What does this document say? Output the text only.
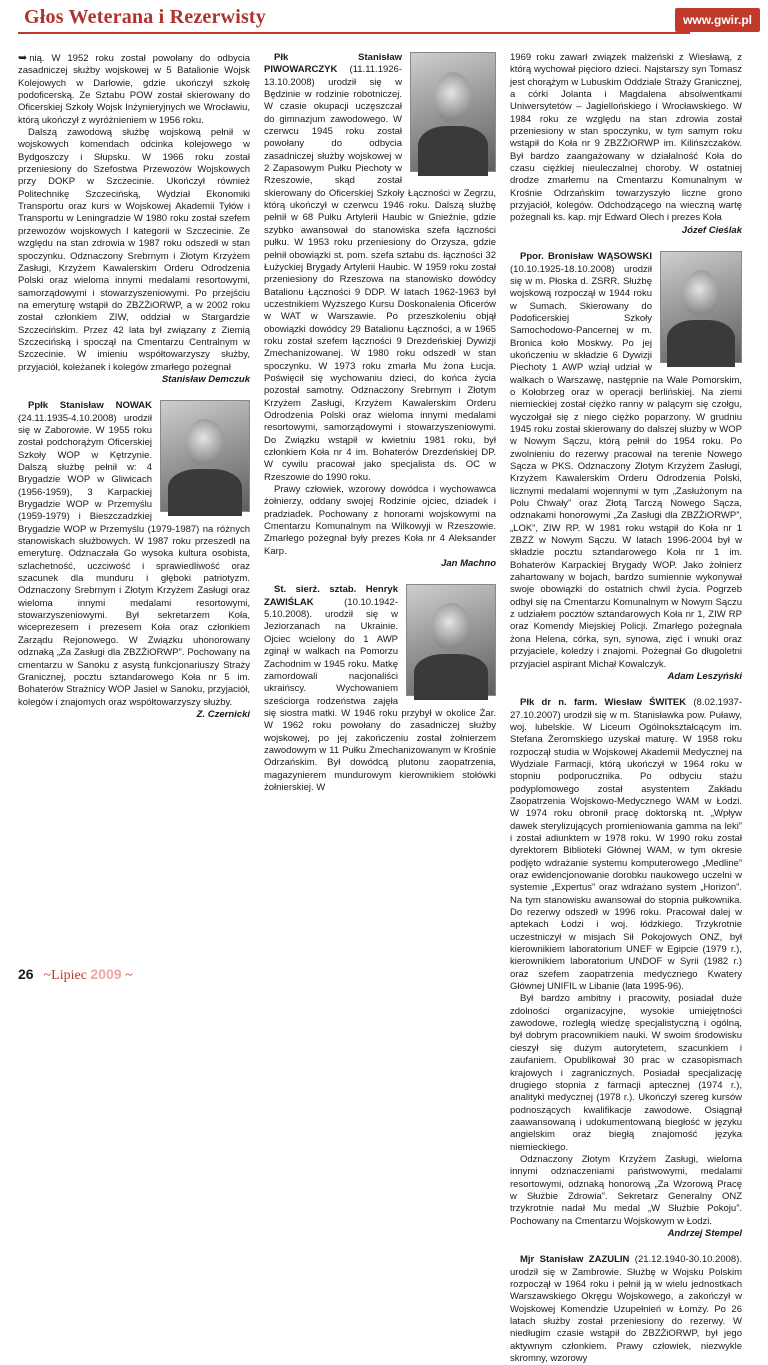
Głos Weterana i Rezerwisty	www.gwir.pl

➥ nią. W 1952 roku został powołany do odbycia zasadniczej służby wojskowej w 5 Batalionie Wojsk Kolejowych w Darłowie, gdzie ukończył szkołę podoficerską. Ze Sztabu POW został skierowany do Oficerskiej Szkoły Wojsk Inżynieryjnych we Wrocławiu, którą ukończył z wyróżnieniem w 1956 roku.

Dalszą zawodową służbę wojskową pełnił w wojskowych komendach odcinka kolejowego w Bydgoszczy i Słupsku. W 1966 roku został przeniesiony do Szefostwa Przewozów Wojskowych przy DOKP w Szczecinie. Ukończył również Politechnikę Szczecińską, Wydział Ekonomiki Transportu oraz kurs w Wojskowej Akademii Tyłów i Transportu w Leningradzie W 1980 roku został szefem przewozów wojskowych I kategorii w Szczecinie. Ze względu na stan zdrowia w 1987 roku odszedł w stan spoczynku. Odznaczony Srebrnym i Złotym Krzyżem Zasługi, Krzyżem Kawalerskim Orderu Odrodzenia Polski oraz wieloma innymi medalami resortowymi, samorządowymi i stowarzyszeniowymi. Po przejściu na emeryturę wstąpił do ZBZŻiORWP, a w 2002 roku został członkiem ZIW, oddział w Stargardzie Szczecińskim. Przez 42 lata był związany z Ziemią Szczecińską i spoczął na Cmentarzu Centralnym w Szczecinie. W imieniu współtowarzyszy służby, przyjaciół, koleżanek i kolegów zmarłego pożegnał

Stanisław Demczuk

Ppłk Stanisław NOWAK (24.11.1935-4.10.2008) urodził się w Zaborowie. W 1955 roku został podchorążym Oficerskiej Szkoły WOP w Kętrzynie. Dalszą służbę pełnił w: 4 Brygadzie WOP w Gliwicach (1956-1959), 3 Karpackiej Brygadzie WOP w Przemyślu (1959-1979) i Bieszczadzkiej Brygadzie WOP w Przemyślu (1979-1987) na różnych stanowiskach służbowych. W 1987 roku przeszedł na emeryturę. Odznaczała Go wysoka kultura osobista, szlachetność, uczciwość i sprawiedliwość oraz szacunek dla munduru i głęboki patriotyzm. Odznaczony Srebrnym i Złotym Krzyżem Zasługi oraz wieloma innymi medalami resortowymi, stowarzyszeniowymi. Był sekretarzem Koła, wiceprezesem i prezesem Koła oraz członkiem Zarządu Rejonowego. W Związku uhonorowany odznaką „Za Zasługi dla ZBZŻiORWP”. Pochowany na cmentarzu w Sanoku z asystą funkcjonariuszy Straży Granicznej, pocztu sztandarowego Koła nr 5 im. Bohaterów Strażnicy WOP Jasiel w Sanoku, przyjaciół, kolegów i znajomych oraz współtowarzyszy służby.

Z. Czernicki

Płk Stanisław PIWOWARCZYK (11.11.1926-13.10.2008) urodził się w Będzinie w rodzinie robotniczej. W czasie okupacji uczęszczał do gimnazjum zawodowego. W czerwcu 1945 roku został powołany do odbycia zasadniczej służby wojskowej w 2 Zapasowym Pułku Piechoty w Rzeszowie, skąd został skierowany do Oficerskiej Szkoły Łączności w Zegrzu, którą ukończył w czerwcu 1946 roku. Dalszą służbę pełnił w 68 Pułku Artylerii Haubic w Gnieźnie, gdzie szybko awansował do stanowiska szefa łączności pułku. W 1953 roku przeniesiony do Orzysza, gdzie pełnił obowiązki st. pom. szefa sztabu ds. łączności 32 Łużyckiej Brygady Artylerii Haubic. W 1959 roku został przeniesiony do Rzeszowa na stanowisko dowódcy Batalionu Łączności 9 DDP. W latach 1962-1963 był uczestnikiem Wyższego Kursu Doskonalenia Oficerów w WAT w Warszawie. Po przeszkoleniu objął obowiązki dowódcy 29 Batalionu Łączności, a w 1965 roku został szefem łączności 9 Drezdeńskiej Dywizji Zmechanizowanej. W 1980 roku odszedł w stan spoczynku. W 1973 roku zmarła Mu żona Łucja. Poświęcił się wychowaniu dzieci, do końca życia pozostał samotny. Odznaczony Srebrnym i Złotym Krzyżem Zasługi, Krzyżem Kawalerskim Orderu Odrodzenia Polski oraz wieloma innymi medalami resortowymi, samorządowymi i stowarzyszeniowymi. Do Związku wstąpił w kwietniu 1981 roku, był członkiem Koła nr 4 im. Bohaterów Drezdeńskiej DP. W cywilu pracował jako specjalista ds. OC w Rzeszowie do 1990 roku.

Prawy człowiek, wzorowy dowódca i wychowawca żołnierzy, oddany swojej Rodzinie ojciec, dziadek i pradziadek. Pochowany z honorami wojskowymi na Cmentarzu Komunalnym na Wilkowyji w Rzeszowie. Zmarłego pożegnał były prezes Koła nr 4 Aleksander Karp.

Jan Machno

St. sierż. sztab. Henryk ZAWIŚLAK (10.10.1942-5.10.2008). urodził się w Jeziorzanach na Ukrainie. Ojciec wcielony do 1 AWP zginął w walkach na Pomorzu Zachodnim w 1945 roku. Matkę zamordowali nacjonaliści ukraińscy. Wychowaniem sześciorga rodzeństwa zajęła się siostra matki. W 1946 roku przybył w okolice Żar. W 1962 roku powołany do zasadniczej służby wojskowej, po jej zakończeniu został żołnierzem zawodowym w 11 Pułku Zmechanizowanym w Krośnie Odrzańskim. Był dowódcą plutonu zaopatrzenia, magazynierem mundurowym kierownikiem stołówki żołnierskiej. W

1969 roku zawarł związek małżeński z Wiesławą, z którą wychował pięcioro dzieci. Najstarszy syn Tomasz jest chorążym w Lubuskim Oddziale Straży Granicznej, a córki Jolanta i Magdalena absolwentkami Uniwersytetów – Jagiellońskiego i Wrocławskiego. W 1984 roku ze względu na stan zdrowia został przeniesiony w stan spoczynku, w tym samym roku wstąpił do Koła nr 9 ZBZŻiORWP im. Kilińszczaków. Był bardzo zaangażowany w działalność Koła do czasu ciężkiej nieuleczalnej choroby. W ostatniej drodze zmarłemu na Cmentarzu Komunalnym w Krośnie Odrzańskim towarzyszyło liczne grono przyjaciół, kolegów. Odchodzącego na wieczną wartę pożegnali ks. kap. mjr Edward Olech i prezes Koła

Józef Cieślak

Ppor. Bronisław WĄSOWSKI (10.10.1925-18.10.2008) urodził się w m. Płoska d. ZSRR. Służbę wojskową rozpoczął w 1944 roku w Sumach. Skierowany do Podoficerskiej Szkoły Samochodowo-Pancernej w m. Bronica koło Moskwy. Po jej ukończeniu w składzie 6 Dywizji Piechoty 1 AWP wziął udział w walkach o Warszawę, następnie na Wale Pomorskim, o Kołobrzeg oraz w operacji berlińskiej. Na ziemi niemieckiej został ciężko ranny w palącym się czołgu, wyczołgał się z niego ciężko poparzony. W grudniu 1945 roku został skierowany do dalszej służby w WOP w Nowym Sączu, którą pełnił do 1954 roku. Po zwolnieniu do rezerwy pracował na terenie Nowego Sącza w PKS. Odznaczony Złotym Krzyżem Zasługi, Krzyżem Kawalerskim Orderu Odrodzenia Polski, licznymi medalami wojennymi w tym „Zasłużonym na Polu Chwały” oraz Złotą Tarczą Nowego Sącza, odznakami honorowymi „Za Zasługi dla ZBZŻiORWP”, „LOK”, ZIW RP. W 1981 roku wstąpił do Koła nr 1 ZBZŻ w Nowym Sączu. W latach 1996-2004 był w składzie pocztu sztandarowego Koła nr 1 im. Bohaterów Karpackiej Brygady WOP. Jako żołnierz zahartowany w bojach, bardzo sumiennie wykonywał swoje obowiązki do ostatnich chwil życia. Pogrzeb odbył się na Cmentarzu Komunalnym w Nowym Sączu z udziałem pocztów sztandarowych Koła nr 1, ZIW RP oraz Komendy Miejskiej Policji. Zmarłego pożegnała żona Helena, córka, syn, synowa, zięć i wnuki oraz przyjaciele, koledzy i znajomi. Pożegnał Go długoletni przyjaciel aspirant Michał Kowalczyk.

Adam Leszyński

Płk dr n. farm. Wiesław ŚWITEK (8.02.1937-27.10.2007) urodził się w m. Stanisławka pow. Puławy, woj. lubelskie. W Liceum Ogólnokształcącym im. Stefana Żeromskiego uzyskał maturę. W 1958 roku rozpoczął studia w Wojskowej Akademii Medycznej na Wydziale Farmacji, którą ukończył w 1964 roku w stopniu podporucznika. Po odbyciu stażu podyplomowego został asystentem Zakładu Zaopatrzenia Wojskowo-Medycznego WAM w Łodzi. W 1974 roku obronił pracę doktorską nt. „Wpływ dawek sterylizujących promieniowania gamma na leki” i został adiunktem w 1978 roku. W 1990 roku został dyrektorem Biblioteki Głównej WAM, w tym okresie podjęto wdrażanie systemu komputerowego „Medline” oraz ewidencjonowanie dorobku naukowego uczelni w systemie „Expertus” oraz wdrażano system „Horizon”. Na tym stanowisku awansował do stopnia pułkownika. Do rezerwy odszedł w 1996 roku. Pracował dalej w aptekach Łodzi i woj. łódzkiego. Trzykrotnie uczestniczył w misjach Sił Pokojowych ONZ, był kierownikiem laboratorium UNEF w Egipcie (1979 r.), kierownikiem laboratorium UNDOF w Syrii (1982 r.) oraz szefem zaopatrzenia medycznego Kwatery Głównej UNIFIL w Libanie (lata 1995-96).

Był bardzo ambitny i pracowity, posiadał duże zdolności organizacyjne, wysokie umiejętności zawodowe, rozległą wiedzę specjalistyczną i ogólną, był dobrym pracownikiem nauki. W swoim środowisku cieszył się dużym autorytetem, szacunkiem i zaufaniem. Opublikował 30 prac w czasopismach krajowych i zagranicznych. Posiadał specjalizację drugiego stopnia z farmacji aptecznej (1974 r.), analityki medycznej (1978 r.). Ukończył szereg kursów podnoszących kwalifikacje zawodowe. Osiągnął zaawansowaną i udokumentowaną biegłość w języku angielskim oraz biegłą znajomość języka niemieckiego.

Odznaczony Złotym Krzyżem Zasługi, wieloma innymi odznaczeniami państwowymi, medalami resortowymi, odznaką honorową „Za Wzorową Pracę w Służbie Zdrowia”. Sekretarz Generalny ONZ trzykrotnie nadał Mu medal „W Służbie Pokoju”. Pochowany na Cmentarzu Wojskowym w Łodzi.

Andrzej Stempel

Mjr Stanisław ZAZULIN (21.12.1940-30.10.2008). urodził się w Zambrowie. Służbę w Wojsku Polskim rozpoczął w 1964 roku i pełnił ją w wielu jednostkach Warszawskiego Okręgu Wojskowego, a zakończył w Wojskowej Komendzie Uzupełnień w Łomży. Po 26 latach służby został przeniesiony do rezerwy. W niedługim czasie wstąpił do ZBZŻiORWP, był jego aktywnym członkiem. Prawy człowiek, niezwykle skromny, wzorowy

26 ~Lipiec 2009 ~
